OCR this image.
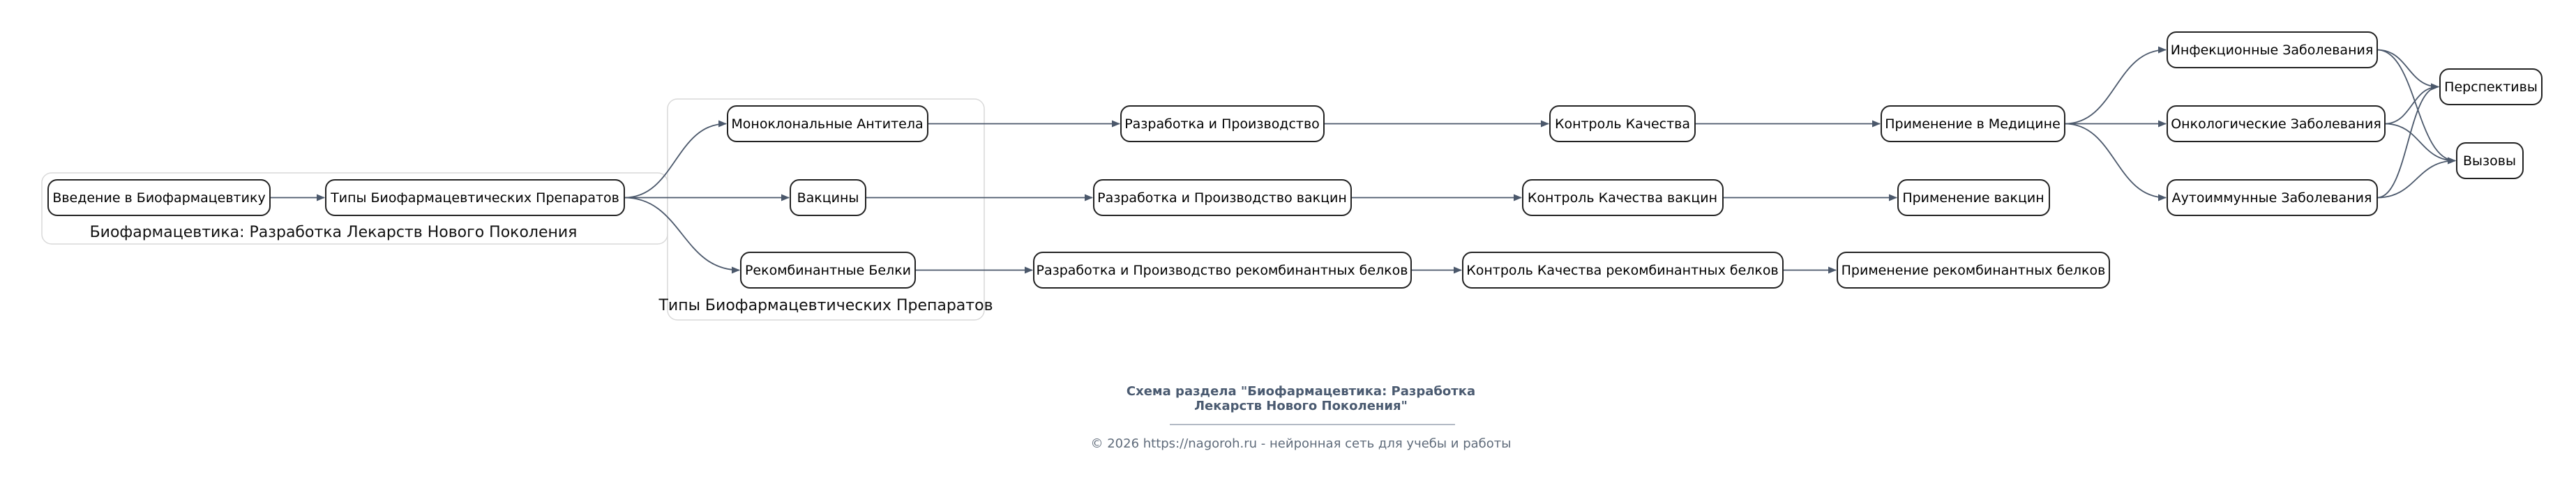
Биофармацевтика: Разработка Лекарств Нового Поколения
Типы Биофармацевтических Препаратов
Введение в Биофармацевтику	Типы Биофармацевтических Препаратов
Моноклональные Антитела
Вакцины
Рекомбинантные Белки
Разработка и Производство
Разработка и Производство вакцин
Разработка и Производство рекомбинантных белков
Контроль Качества
Контроль Качества вакцин
Контроль Качества рекомбинантных белков
Применение в Медицине
Применение вакцин
Применение рекомбинантных белков
Инфекционные Заболевания
Онкологические Заболевания
Аутоиммунные Заболевания
Перспективы
Вызовы
Схема раздела "Биофармацевтика: Разработка
Лекарств Нового Поколения"
© 2026 https://nagoroh.ru - нейронная сеть для учебы и работы
